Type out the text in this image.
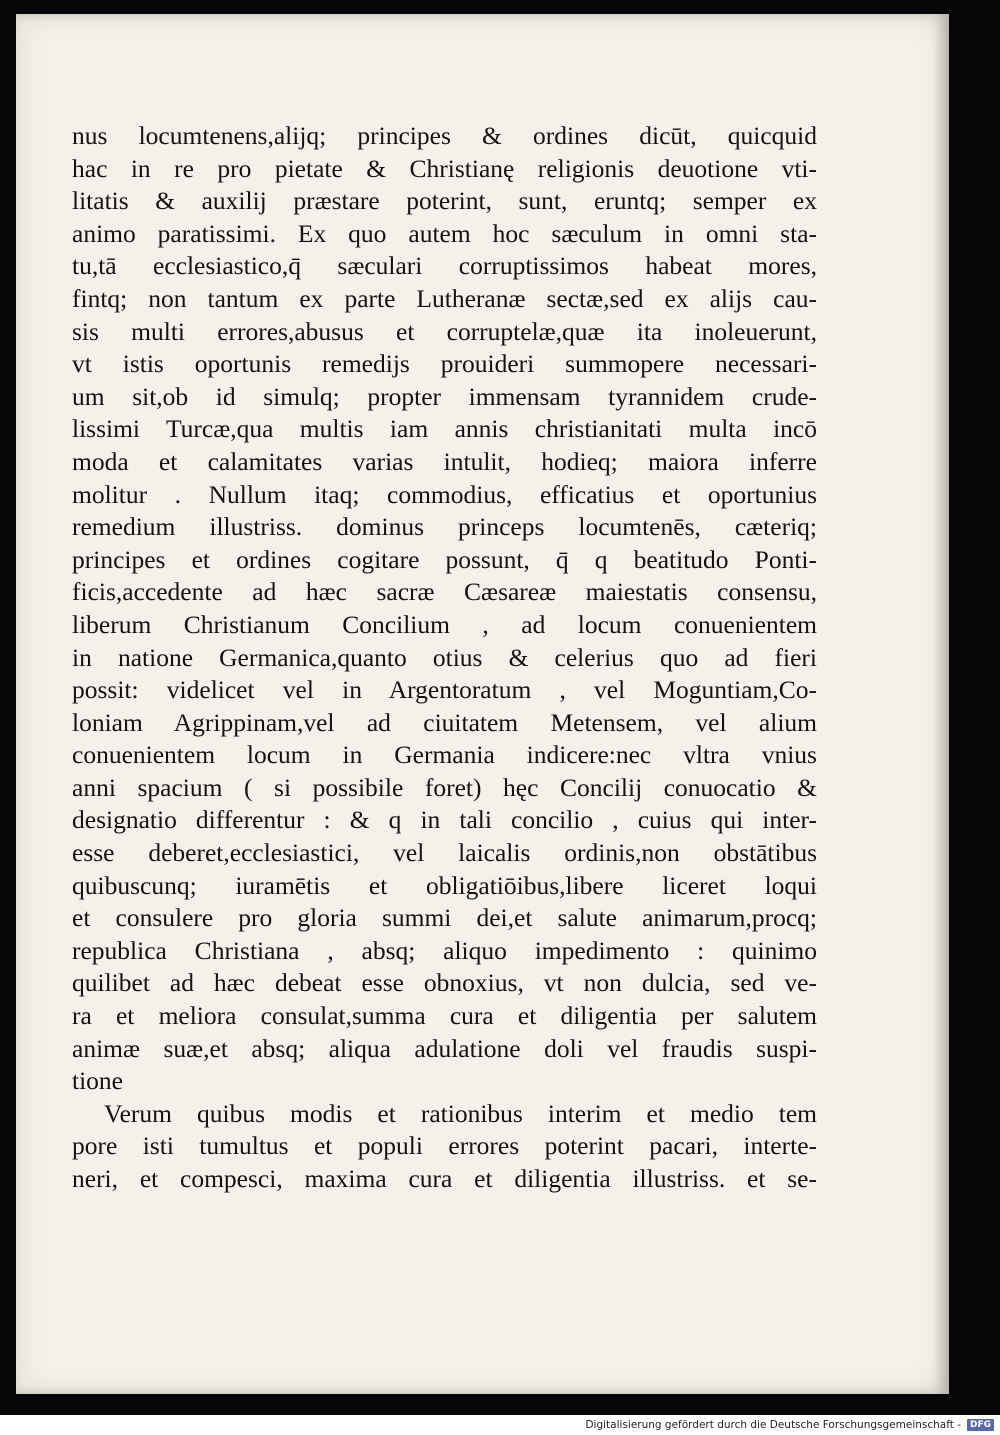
nus locumtenens,alijq; principes & ordines dicūt, quicquid
hac in re pro pietate & Christianę religionis deuotione vti-
litatis & auxilij præstare poterint, sunt, eruntq; semper ex
animo paratissimi. Ex quo autem hoc sæculum in omni sta-
tu,tā ecclesiastico,q̄ sæculari corruptissimos habeat mores,
fintq; non tantum ex parte Lutheranæ sectæ,sed ex alijs cau-
sis multi errores,abusus et corruptelæ,quæ ita inoleuerunt,
vt istis oportunis remedijs prouideri summopere necessari-
um sit,ob id simulq; propter immensam tyrannidem crude-
lissimi Turcæ,qua multis iam annis christianitati multa incō
moda et calamitates varias intulit, hodieq; maiora inferre
molitur . Nullum itaq; commodius, efficatius et oportunius
remedium illustriss. dominus princeps locumtenēs, cæteriq;
principes et ordines cogitare possunt, q̄ q beatitudo Ponti-
ficis,accedente ad hæc sacræ Cæsareæ maiestatis consensu,
liberum Christianum Concilium , ad locum conuenientem
in natione Germanica,quanto otius & celerius quo ad fieri
possit: videlicet vel in Argentoratum , vel Moguntiam,Co-
loniam Agrippinam,vel ad ciuitatem Metensem, vel alium
conuenientem locum in Germania indicere:nec vltra vnius
anni spacium ( si possibile foret) hęc Concilij conuocatio &
designatio differentur : & q in tali concilio , cuius qui inter-
esse deberet,ecclesiastici, vel laicalis ordinis,non obstātibus
quibuscunq; iuramētis et obligatiōibus,libere liceret loqui
et consulere pro gloria summi dei,et salute animarum,procq;
republica Christiana , absq; aliquo impedimento : quinimo
quilibet ad hæc debeat esse obnoxius, vt non dulcia, sed ve-
ra et meliora consulat,summa cura et diligentia per salutem
animæ suæ,et absq; aliqua adulatione doli vel fraudis suspi-
tione
Verum quibus modis et rationibus interim et medio tem
pore isti tumultus et populi errores poterint pacari, interte-
neri, et compesci, maxima cura et diligentia illustriss. et se-
Digitalisierung gefördert durch die Deutsche Forschungsgemeinschaft -	DFG
